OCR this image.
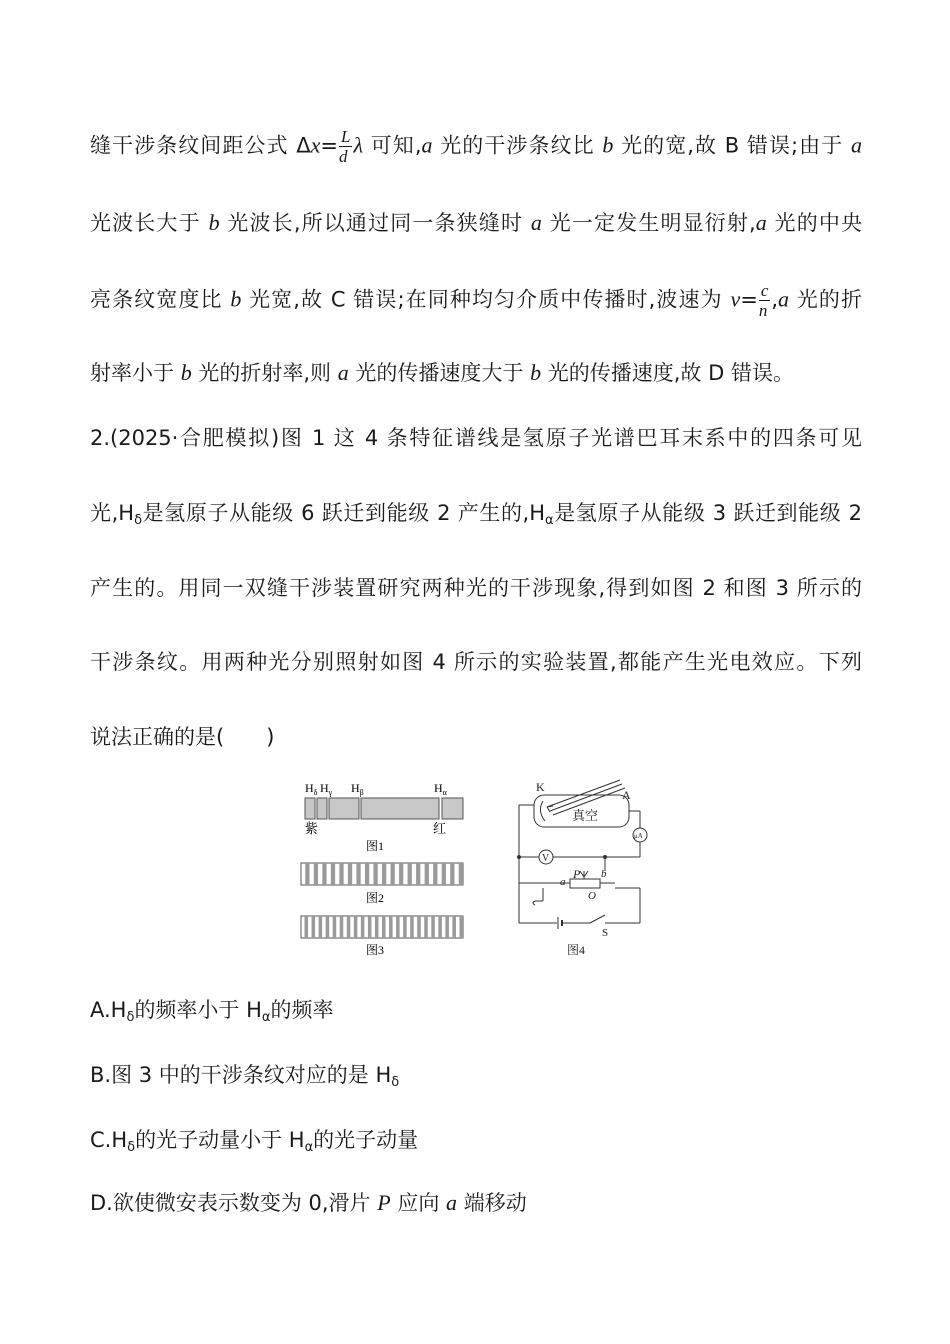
缝干涉条纹间距公式 $\Delta x= \frac{L}{d}$ λ 可知,a 光的干涉条纹比 b 光的宽,故 B 错误;由于 a
光波长大于 b 光波长,所以通过同一条狭缝时 a 光一定发生明显衍射,a 光的中央
亮条纹宽度比 b 光宽,故 C 错误;在同种均匀介质中传播时,波速为 $v= \frac{c}{n} ,a$ 光的折
射率小于 b 光的折射率,则 a 光的传播速度大于 b 光的传播速度,故 D 错误。
2.(2025·合肥模拟)图 1 这 4 条特征谱线是氢原子光谱巴耳末系中的四条可见
光$,H_\delta$是氢原子从能级 6 跃迁到能级 2 产生的$,H_\alpha$是氢原子从能级 3 跃迁到能级 2
产生的。用同一双缝干涉装置研究两种光的干涉现象,得到如图 2 和图 3 所示的
干涉条纹。用两种光分别照射如图 4 所示的实验装置,都能产生光电效应。下列
说法正确的是(　　)
$H_\delta$ $H_\gamma$ $H_\beta$	$H_\alpha$
紫	红
图1
图2
图3
K
A
真空
μA
V
P
a
b
O
S
图4
$A.H_\delta$的频率小于 $H_\alpha$的频率
B.图 3 中的干涉条纹对应的是 $H_\delta$
$C.H_\delta$的光子动量小于 $H_\alpha$的光子动量
D.欲使微安表示数变为 0,滑片 P 应向 a 端移动
